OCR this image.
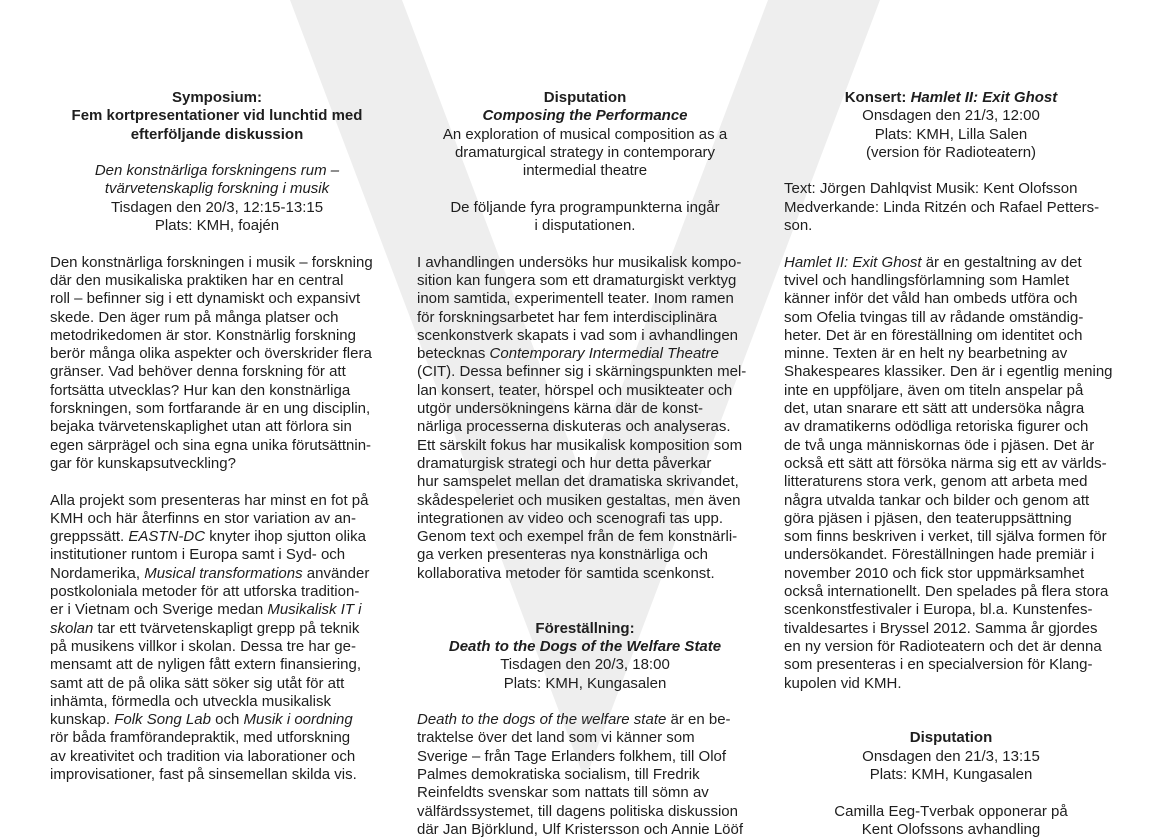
Symposium:
Fem kortpresentationer vid lunchtid med
efterföljande diskussion
Den konstnärliga forskningens rum –
tvärvetenskaplig forskning i musik
Tisdagen den 20/3, 12:15-13:15
Plats: KMH, foajén
Den konstnärliga forskningen i musik – forskning
där den musikaliska praktiken har en central
roll – befinner sig i ett dynamiskt och expansivt
skede. Den äger rum på många platser och
metodrikedomen är stor. Konstnärlig forskning
berör många olika aspekter och överskrider flera
gränser. Vad behöver denna forskning för att
fortsätta utvecklas? Hur kan den konstnärliga
forskningen, som fortfarande är en ung disciplin,
bejaka tvärvetenskaplighet utan att förlora sin
egen särprägel och sina egna unika förutsättnin-
gar för kunskapsutveckling?
Alla projekt som presenteras har minst en fot på
KMH och här återfinns en stor variation av an-
greppssätt. EASTN-DC knyter ihop sjutton olika
institutioner runtom i Europa samt i Syd- och
Nordamerika, Musical transformations använder
postkoloniala metoder för att utforska tradition-
er i Vietnam och Sverige medan Musikalisk IT i
skolan tar ett tvärvetenskapligt grepp på teknik
på musikens villkor i skolan. Dessa tre har ge-
mensamt att de nyligen fått extern finansiering,
samt att de på olika sätt söker sig utåt för att
inhämta, förmedla och utveckla musikalisk
kunskap. Folk Song Lab och Musik i oordning
rör båda framförandepraktik, med utforskning
av kreativitet och tradition via laborationer och
improvisationer, fast på sinsemellan skilda vis.
Disputation
Composing the Performance
An exploration of musical composition as a
dramaturgical strategy in contemporary
intermedial theatre
De följande fyra programpunkterna ingår
i disputationen.
I avhandlingen undersöks hur musikalisk kompo-
sition kan fungera som ett dramaturgiskt verktyg
inom samtida, experimentell teater. Inom ramen
för forskningsarbetet har fem interdisciplinära
scenkonstverk skapats i vad som i avhandlingen
betecknas Contemporary Intermedial Theatre
(CIT). Dessa befinner sig i skärningspunkten mel-
lan konsert, teater, hörspel och musikteater och
utgör undersökningens kärna där de konst-
närliga processerna diskuteras och analyseras.
Ett särskilt fokus har musikalisk komposition som
dramaturgisk strategi och hur detta påverkar
hur samspelet mellan det dramatiska skrivandet,
skådespeleriet och musiken gestaltas, men även
integrationen av video och scenografi tas upp.
Genom text och exempel från de fem konstnärli-
ga verken presenteras nya konstnärliga och
kollaborativa metoder för samtida scenkonst.
Föreställning:
Death to the Dogs of the Welfare State
Tisdagen den 20/3, 18:00
Plats: KMH, Kungasalen
Death to the dogs of the welfare state är en be-
traktelse över det land som vi känner som
Sverige – från Tage Erlanders folkhem, till Olof
Palmes demokratiska socialism, till Fredrik
Reinfeldts svenskar som nattats till sömn av
välfärdssystemet, till dagens politiska diskussion
där Jan Björklund, Ulf Kristersson och Annie Lööf
Konsert: Hamlet II: Exit Ghost
Onsdagen den 21/3, 12:00
Plats: KMH, Lilla Salen
(version för Radioteatern)
Text: Jörgen Dahlqvist Musik: Kent Olofsson
Medverkande: Linda Ritzén och Rafael Petters-
son.
Hamlet II: Exit Ghost är en gestaltning av det
tvivel och handlingsförlamning som Hamlet
känner inför det våld han ombeds utföra och
som Ofelia tvingas till av rådande omständig-
heter. Det är en föreställning om identitet och
minne. Texten är en helt ny bearbetning av
Shakespeares klassiker. Den är i egentlig mening
inte en uppföljare, även om titeln anspelar på
det, utan snarare ett sätt att undersöka några
av dramatikerns odödliga retoriska figurer och
de två unga människornas öde i pjäsen. Det är
också ett sätt att försöka närma sig ett av världs-
litteraturens stora verk, genom att arbeta med
några utvalda tankar och bilder och genom att
göra pjäsen i pjäsen, den teateruppsättning
som finns beskriven i verket, till själva formen för
undersökandet. Föreställningen hade premiär i
november 2010 och fick stor uppmärksamhet
också internationellt. Den spelades på flera stora
scenkonstfestivaler i Europa, bl.a. Kunstenfes-
tivaldesartes i Bryssel 2012. Samma år gjordes
en ny version för Radioteatern och det är denna
som presenteras i en specialversion för Klang-
kupolen vid KMH.
Disputation
Onsdagen den 21/3, 13:15
Plats: KMH, Kungasalen
Camilla Eeg-Tverbak opponerar på
Kent Olofssons avhandling
